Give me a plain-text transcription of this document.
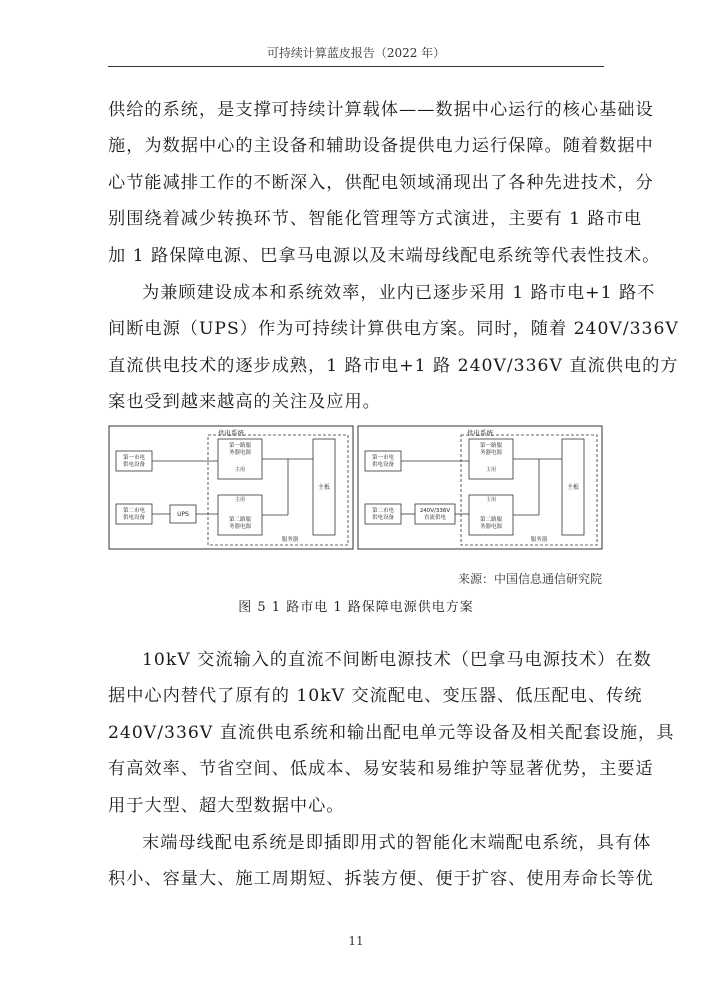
可持续计算蓝皮报告（2022 年）
供给的系统，是支撑可持续计算载体——数据中心运行的核心基础设
施，为数据中心的主设备和辅助设备提供电力运行保障。随着数据中
心节能减排工作的不断深入，供配电领域涌现出了各种先进技术，分
别围绕着减少转换环节、智能化管理等方式演进，主要有 1 路市电
加 1 路保障电源、巴拿马电源以及末端母线配电系统等代表性技术。
为兼顾建设成本和系统效率，业内已逐步采用 1 路市电+1 路不
间断电源（UPS）作为可持续计算供电方案。同时，随着 240V/336V
直流供电技术的逐步成熟，1 路市电+1 路 240V/336V 直流供电的方
案也受到越来越高的关注及应用。
供电系统
第一市电供电设备
第二市电供电设备
UPS
第一路服务器电源
主用
主用
第二路服务器电源
主板
服务器
供电系统
第一市电供电设备
第二市电供电设备
240V/336V 直流供电
第一路服务器电源
主用
主用
第二路服务器电源
主板
服务器
来源：中国信息通信研究院
图 5 1 路市电 1 路保障电源供电方案
10kV 交流输入的直流不间断电源技术（巴拿马电源技术）在数
据中心内替代了原有的 10kV 交流配电、变压器、低压配电、传统
240V/336V 直流供电系统和输出配电单元等设备及相关配套设施，具
有高效率、节省空间、低成本、易安装和易维护等显著优势，主要适
用于大型、超大型数据中心。
末端母线配电系统是即插即用式的智能化末端配电系统，具有体
积小、容量大、施工周期短、拆装方便、便于扩容、使用寿命长等优
11
